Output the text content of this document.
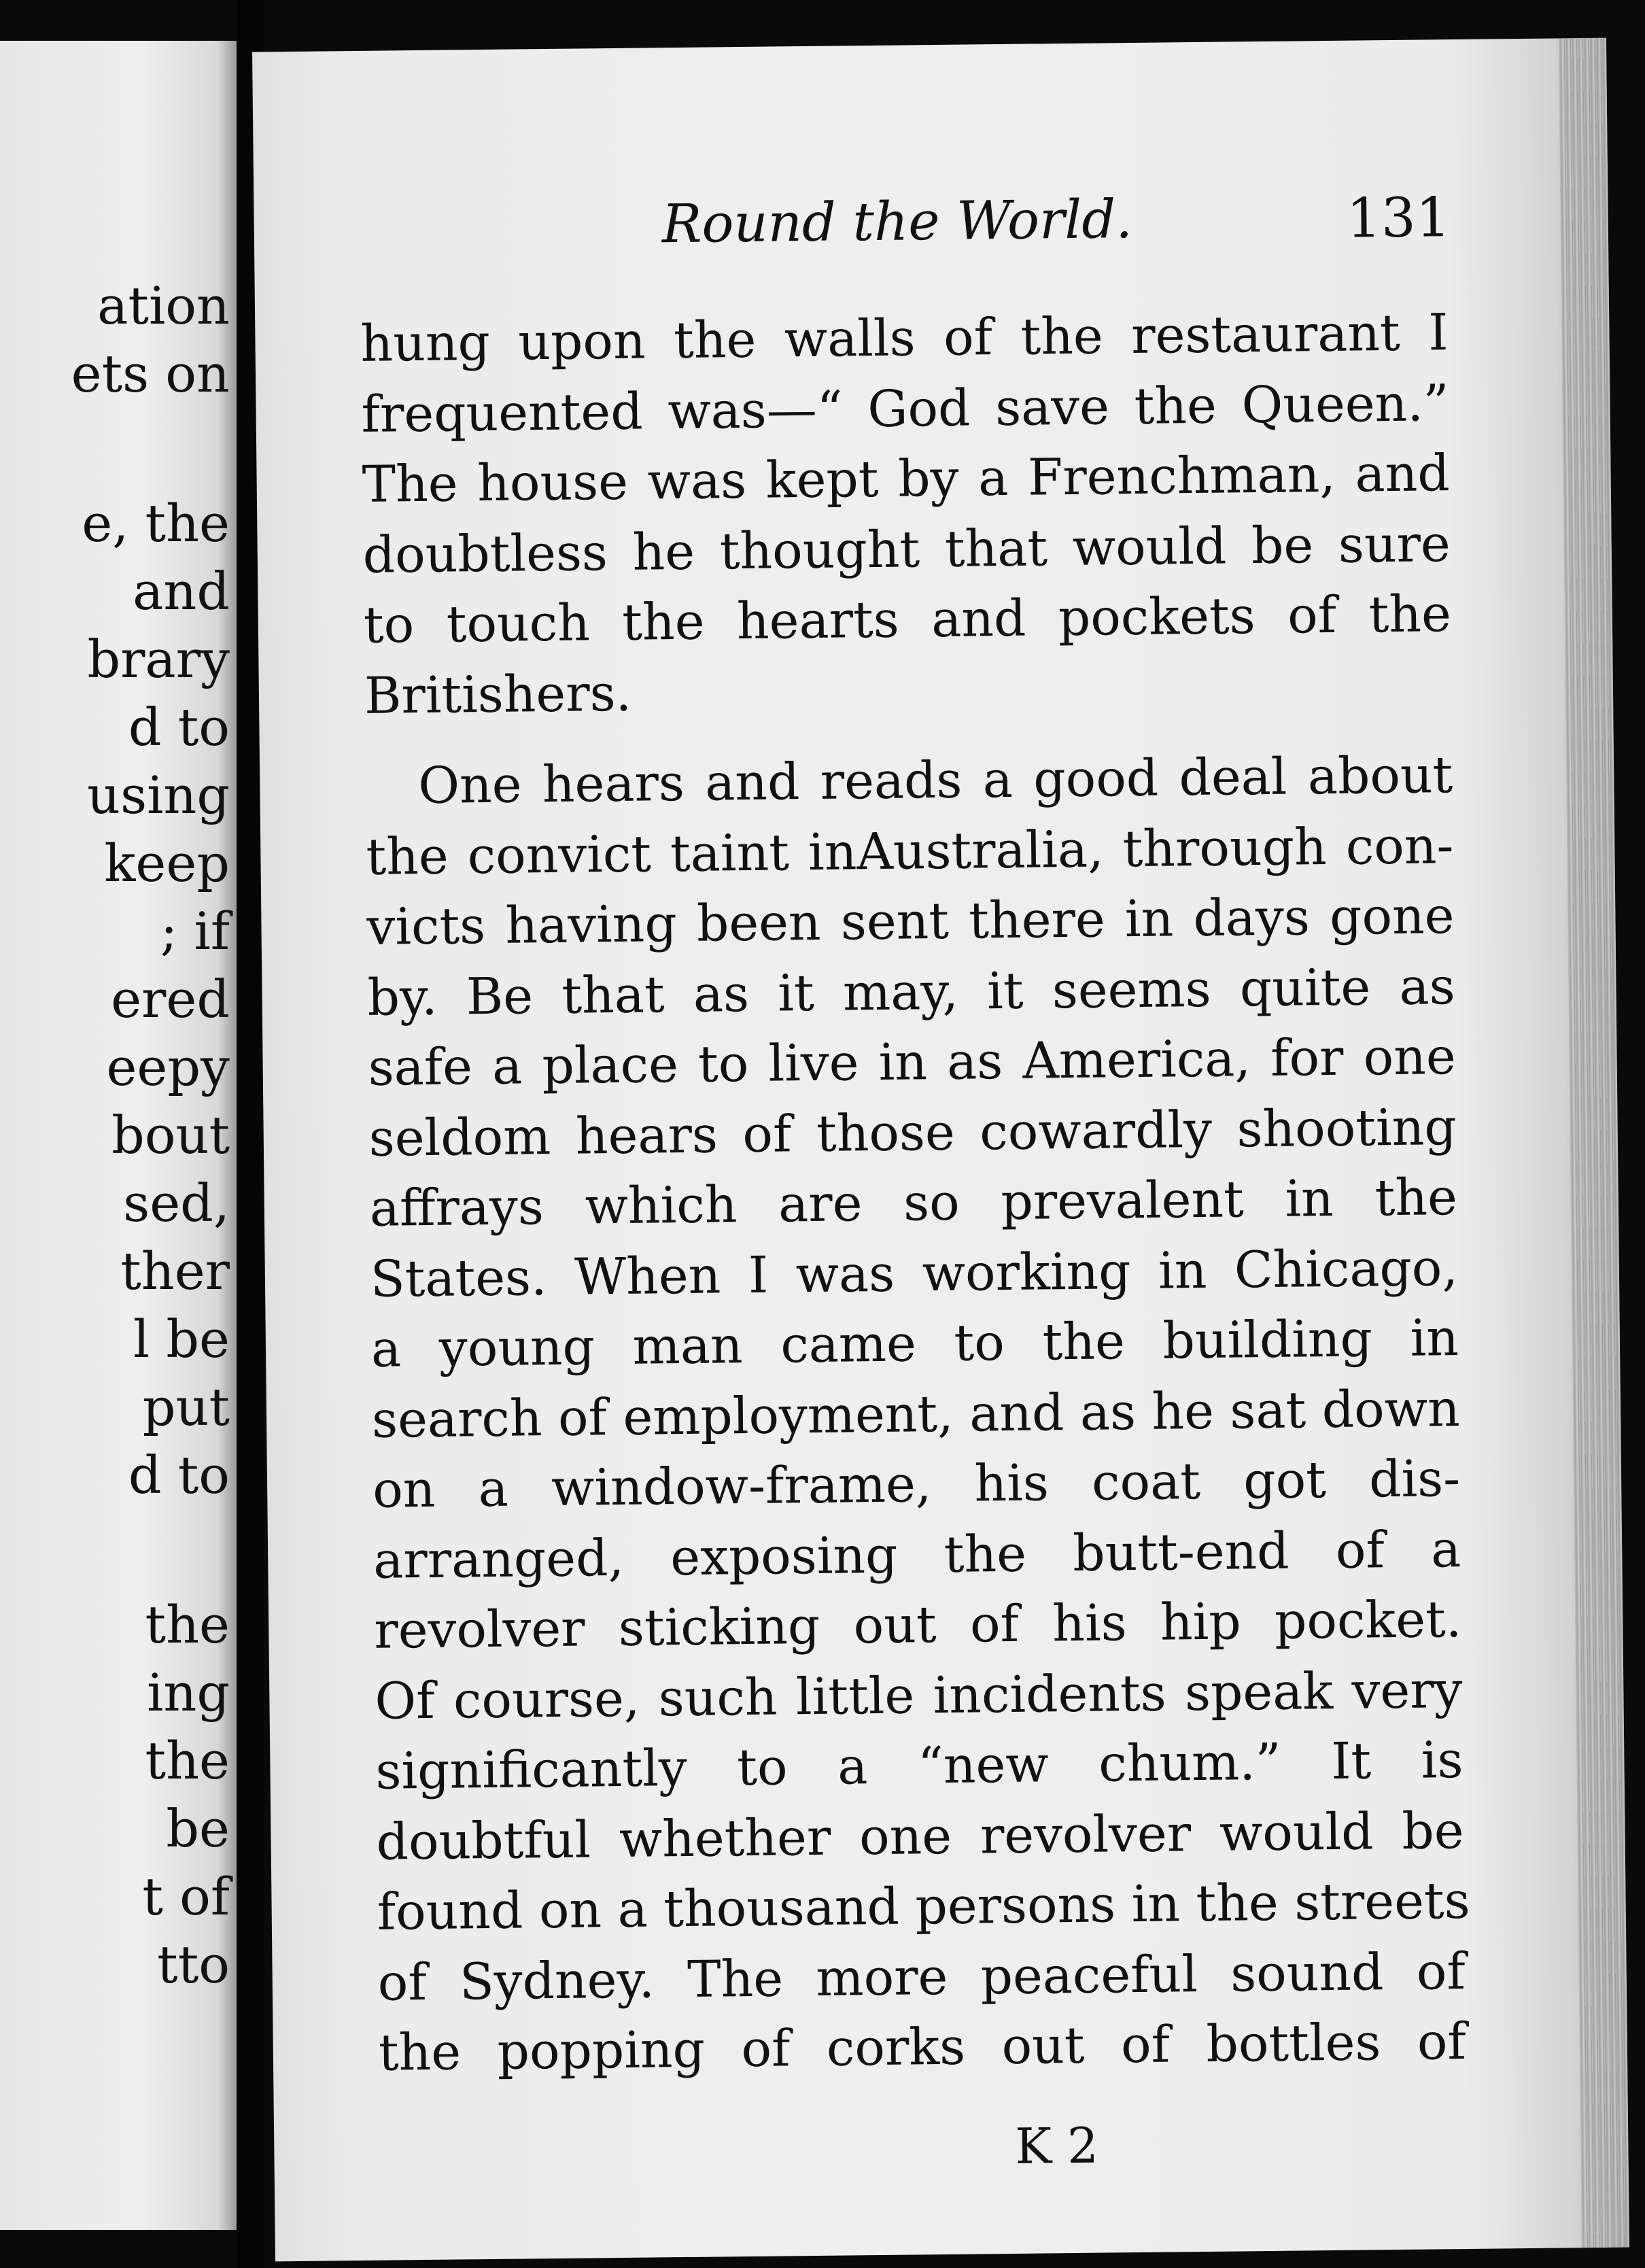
ation
ets on
e, the
and
brary
d to
using
keep
; if
ered
eepy
bout
sed,
ther
l be
put
d to
the
ing
the
be
t of
tto
Round the World.	131
hung upon the walls of the restaurant I
frequented was—“ God save the Queen.”
The house was kept by a Frenchman, and
doubtless he thought that would be sure
to touch the hearts and pockets of the
Britishers.
One hears and reads a good deal about
the convict taint inAustralia, through con-
victs having been sent there in days gone
by. Be that as it may, it seems quite as
safe a place to live in as America, for one
seldom hears of those cowardly shooting
affrays which are so prevalent in the
States. When I was working in Chicago,
a young man came to the building in
search of employment, and as he sat down
on a window-frame, his coat got dis-
arranged, exposing the butt-end of a
revolver sticking out of his hip pocket.
Of course, such little incidents speak very
significantly to a “new chum.” It is
doubtful whether one revolver would be
found on a thousand persons in the streets
of Sydney. The more peaceful sound of
the popping of corks out of bottles of
K 2
